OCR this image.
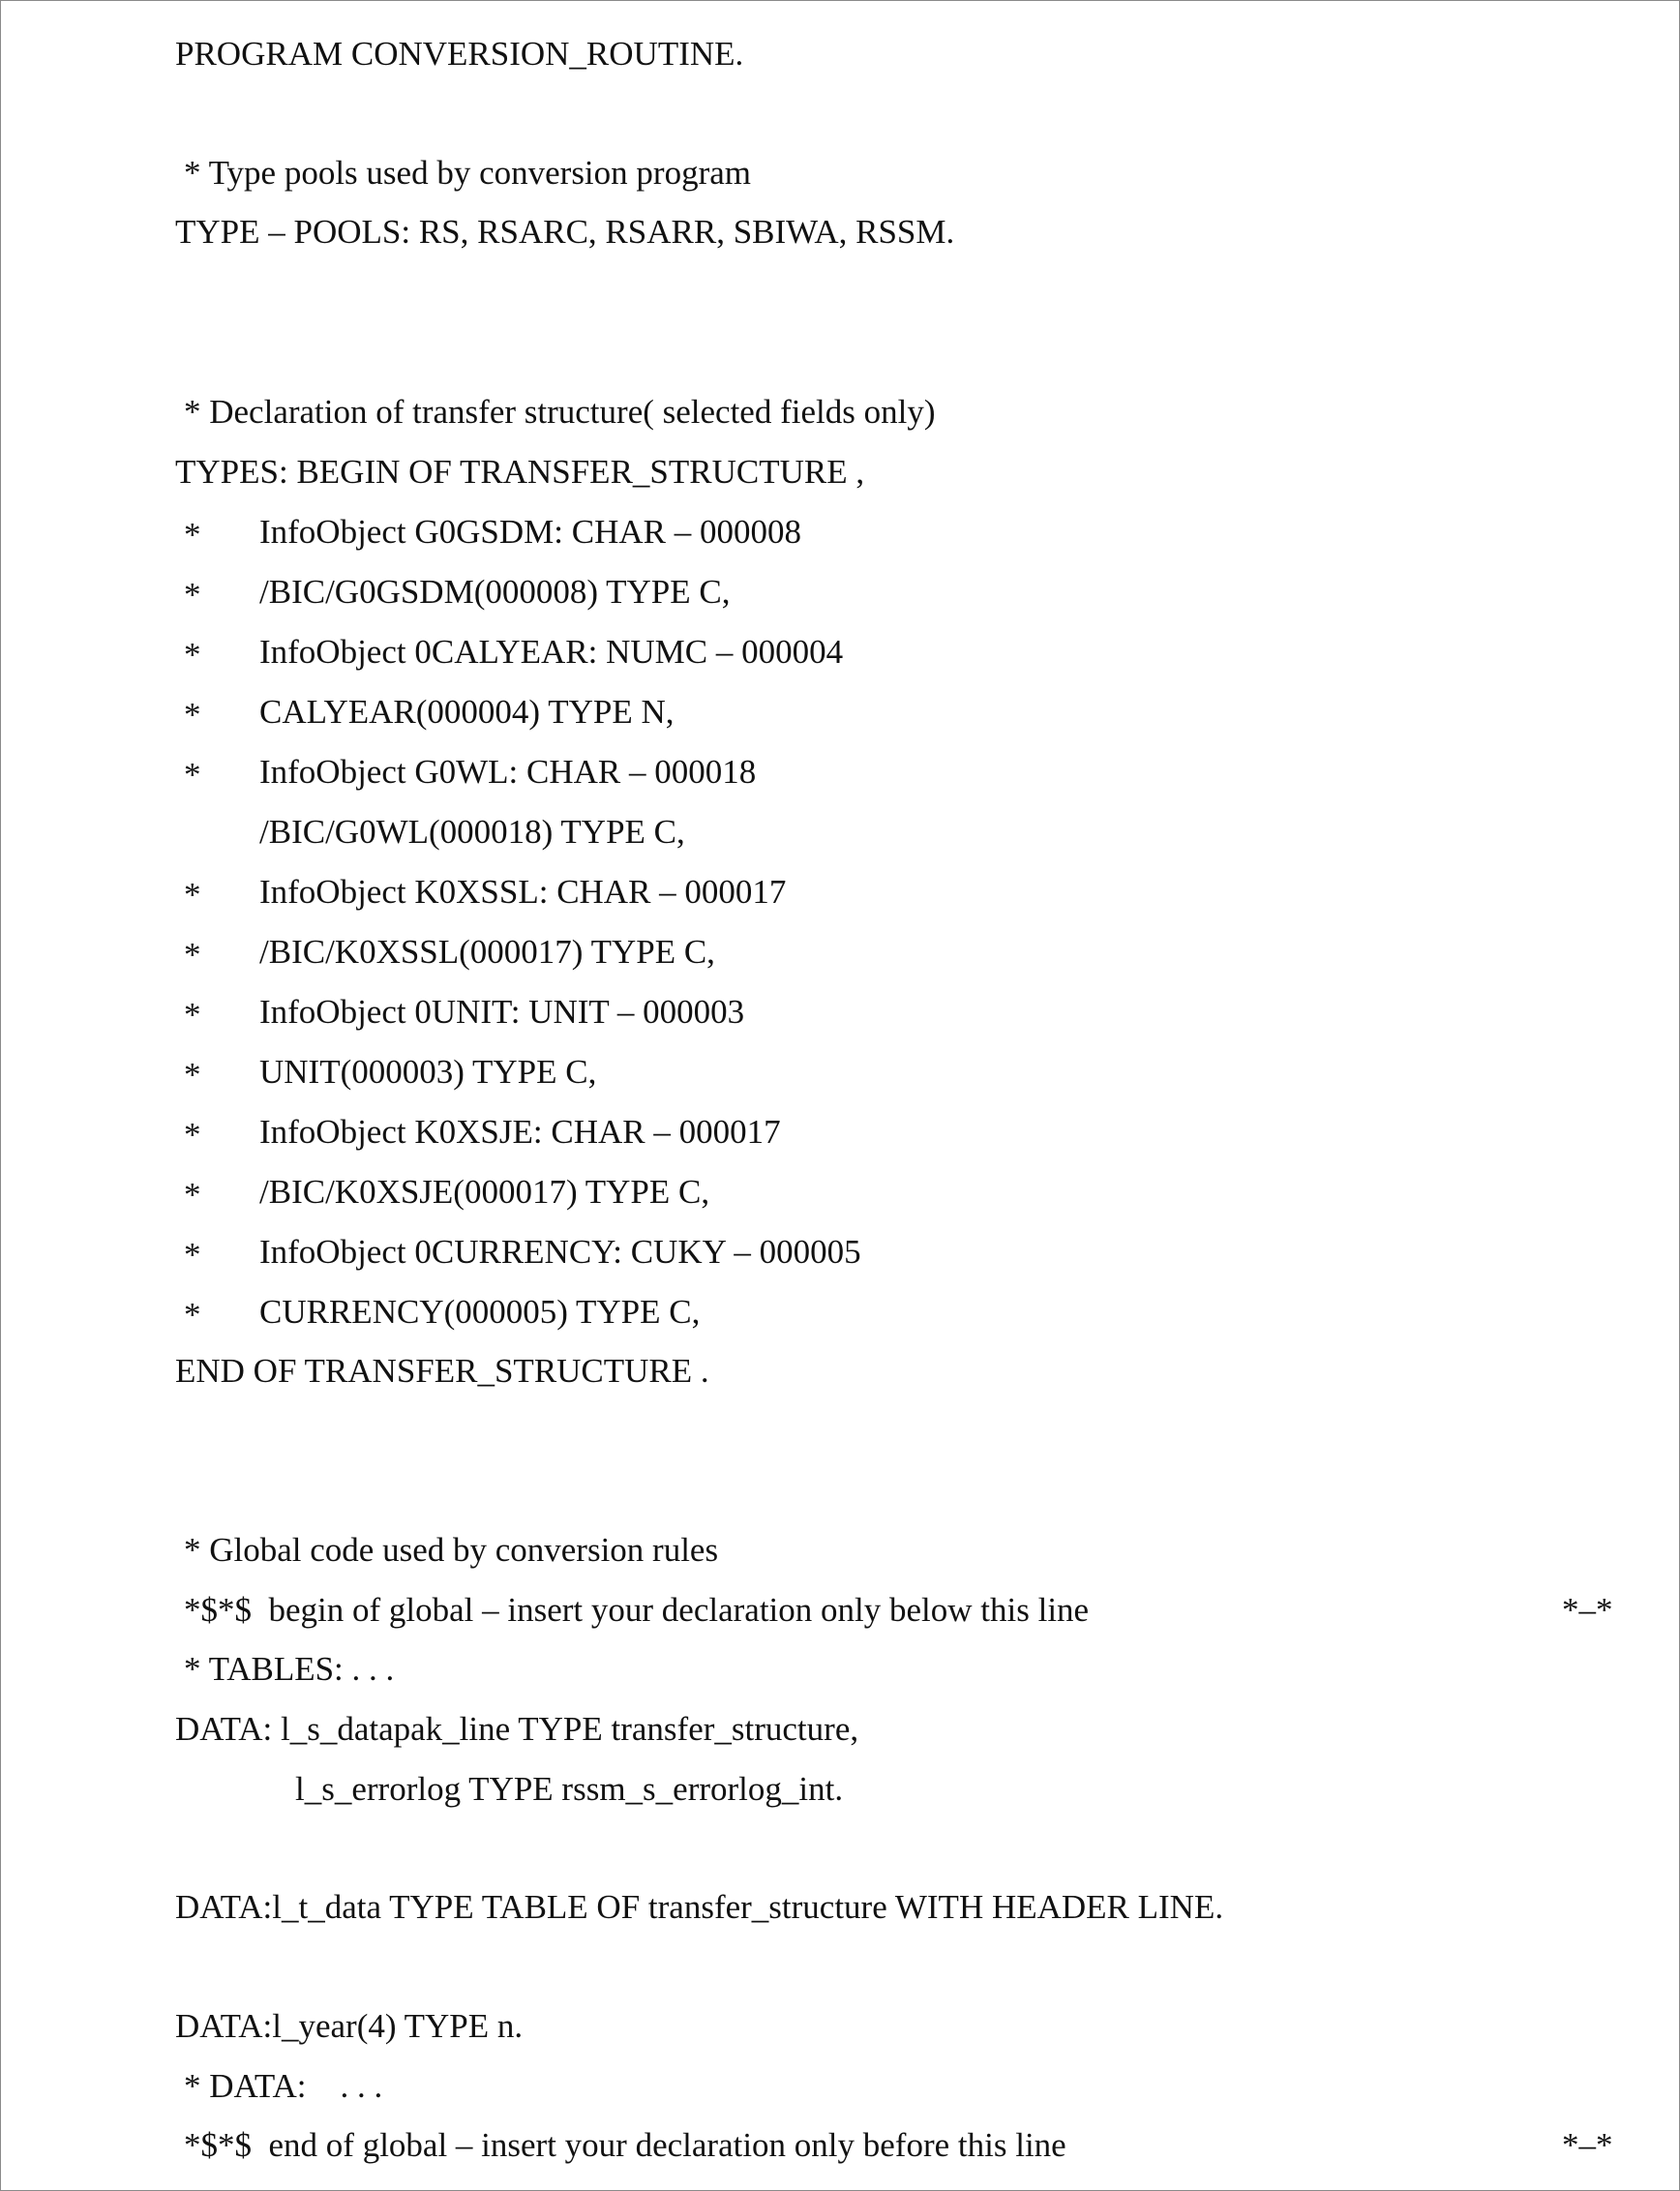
PROGRAM CONVERSION_ROUTINE.
* Type pools used by conversion program
TYPE – POOLS: RS, RSARC, RSARR, SBIWA, RSSM.
* Declaration of transfer structure( selected fields only)
TYPES: BEGIN OF TRANSFER_STRUCTURE ,
* InfoObject G0GSDM: CHAR – 000008
* /BIC/G0GSDM(000008) TYPE C,
* InfoObject 0CALYEAR: NUMC – 000004
* CALYEAR(000004) TYPE N,
* InfoObject G0WL: CHAR – 000018
/BIC/G0WL(000018) TYPE C,
* InfoObject K0XSSL: CHAR – 000017
* /BIC/K0XSSL(000017) TYPE C,
* InfoObject 0UNIT: UNIT – 000003
* UNIT(000003) TYPE C,
* InfoObject K0XSJE: CHAR – 000017
* /BIC/K0XSJE(000017) TYPE C,
* InfoObject 0CURRENCY: CUKY – 000005
* CURRENCY(000005) TYPE C,
END OF TRANSFER_STRUCTURE .
* Global code used by conversion rules
*$*$  begin of global – insert your declaration only below this line	*–*
* TABLES: . . .
DATA: l_s_datapak_line TYPE transfer_structure,
l_s_errorlog TYPE rssm_s_errorlog_int.
DATA:l_t_data TYPE TABLE OF transfer_structure WITH HEADER LINE.
DATA:l_year(4) TYPE n.
* DATA:    . . .
*$*$  end of global – insert your declaration only before this line	*–*
